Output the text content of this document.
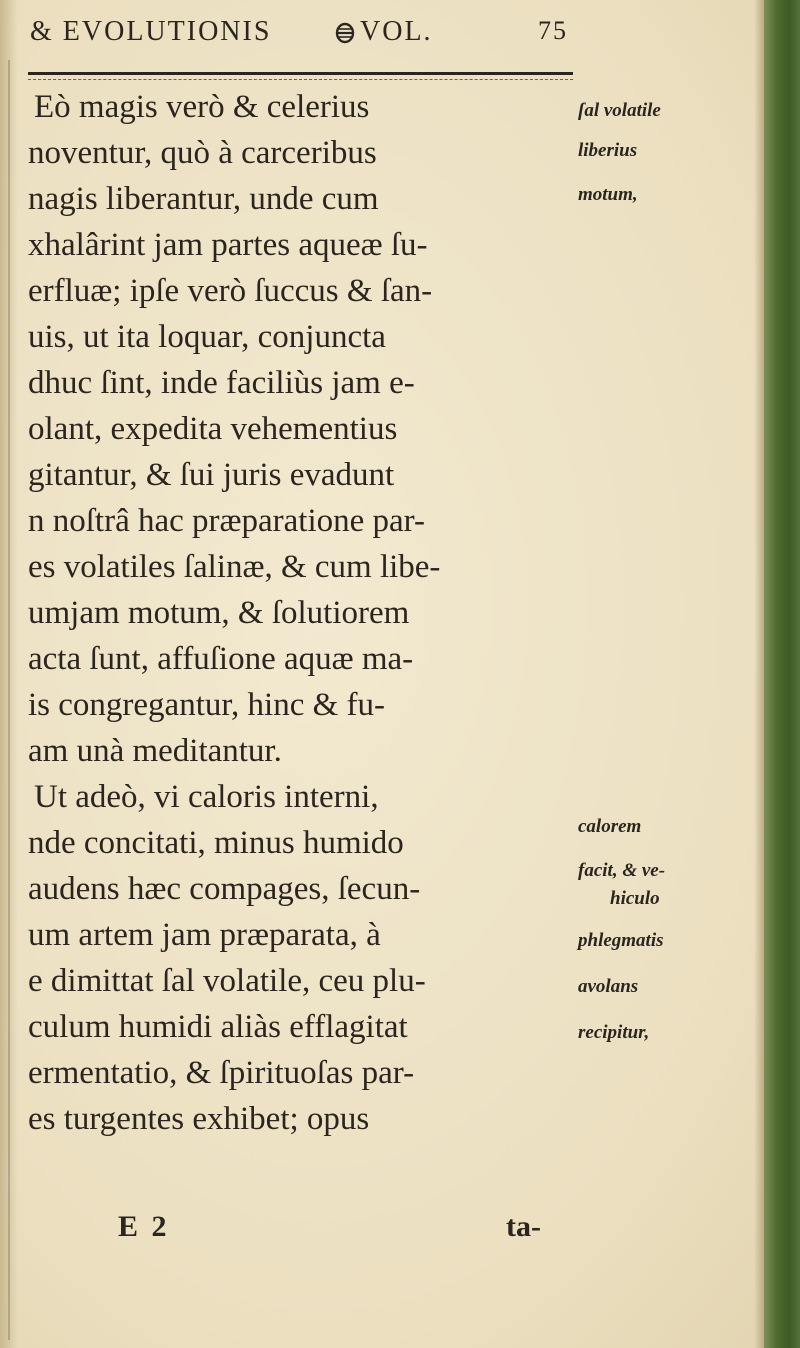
& EVOLUTIONIS	VOL.	75
Eò magis verò & celerius
noventur, quò à carceribus
nagis liberantur, unde cum
xhalârint jam partes aqueæ ſu-
erfluæ; ipſe verò ſuccus & ſan-
uis, ut ita loquar, conjuncta
dhuc ſint, inde faciliùs jam e-
olant, expedita vehementius
gitantur, & ſui juris evadunt
n noſtrâ hac præparatione par-
es volatiles ſalinæ, & cum libe-
umjam motum, & ſolutiorem
acta ſunt, affuſione aquæ ma-
is congregantur, hinc & fu-
am unà meditantur.
Ut adeò, vi caloris interni,
nde concitati, minus humido
audens hæc compages, ſecun-
um artem jam præparata, à
e dimittat ſal volatile, ceu plu-
culum humidi aliàs efflagitat
ermentatio, & ſpirituoſas par-
es turgentes exhibet; opus
ſal volatile
liberius
motum,
calorem
facit, & ve-
hiculo
phlegmatis
avolans
recipitur,
E 2	ta-
